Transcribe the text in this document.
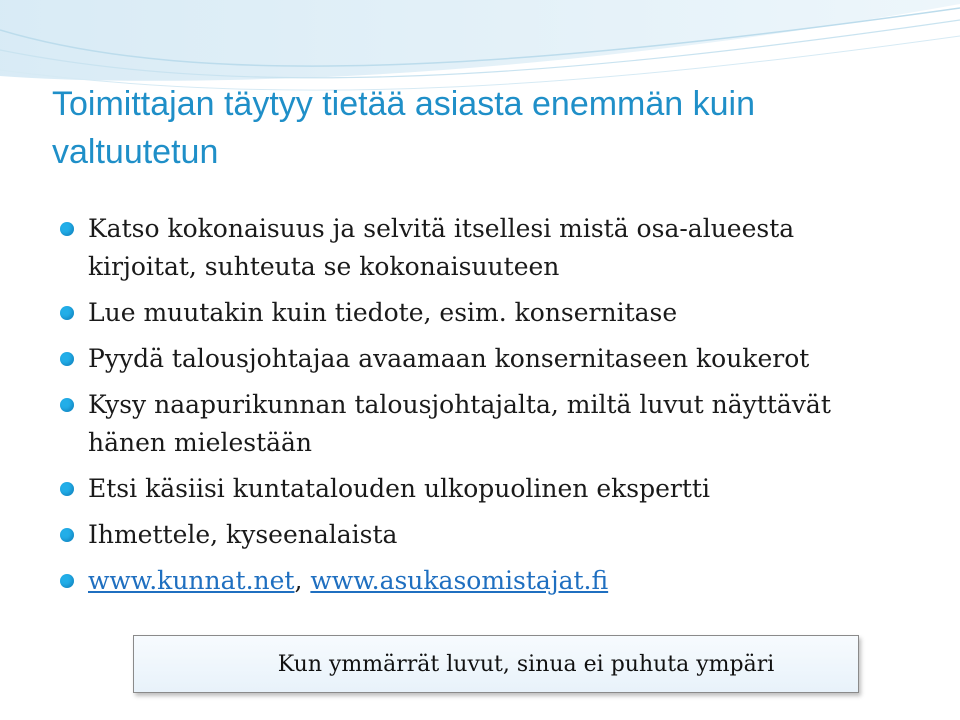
Toimittajan täytyy tietää asiasta enemmän kuin
valtuutetun
Katso kokonaisuus ja selvitä itsellesi mistä osa-alueesta
kirjoitat, suhteuta se kokonaisuuteen
Lue muutakin kuin tiedote, esim. konsernitase
Pyydä talousjohtajaa avaamaan konsernitaseen koukerot
Kysy naapurikunnan talousjohtajalta, miltä luvut näyttävät
hänen mielestään
Etsi käsiisi kuntatalouden ulkopuolinen ekspertti
Ihmettele, kyseenalaista
www.kunnat.net, www.asukasomistajat.fi
Kun ymmärrät luvut, sinua ei puhuta ympäri
